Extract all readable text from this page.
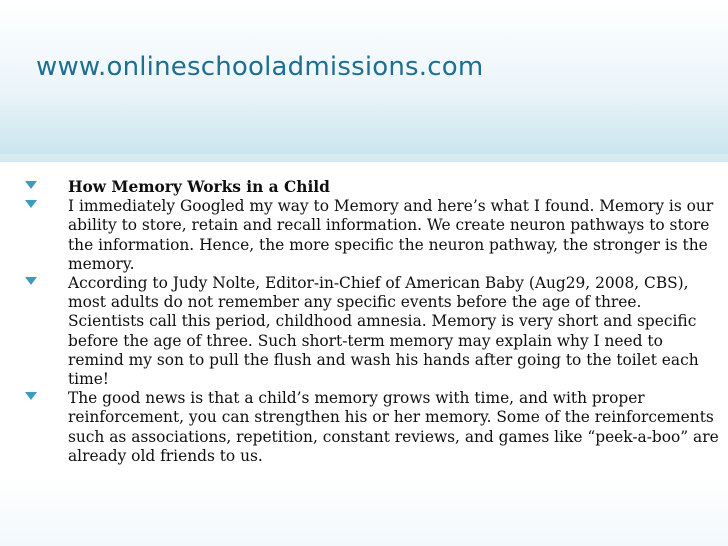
www.onlineschooladmissions.com
How Memory Works in a Child
I immediately Googled my way to Memory and here’s what I found. Memory is our ability to store, retain and recall information. We create neuron pathways to store the information. Hence, the more specific the neuron pathway, the stronger is the memory.
According to Judy Nolte, Editor-in-Chief of American Baby (Aug29, 2008, CBS), most adults do not remember any specific events before the age of three. Scientists call this period, childhood amnesia. Memory is very short and specific before the age of three. Such short-term memory may explain why I need to remind my son to pull the flush and wash his hands after going to the toilet each time!
The good news is that a child’s memory grows with time, and with proper reinforcement, you can strengthen his or her memory. Some of the reinforcements such as associations, repetition, constant reviews, and games like “peek-a-boo” are already old friends to us.
